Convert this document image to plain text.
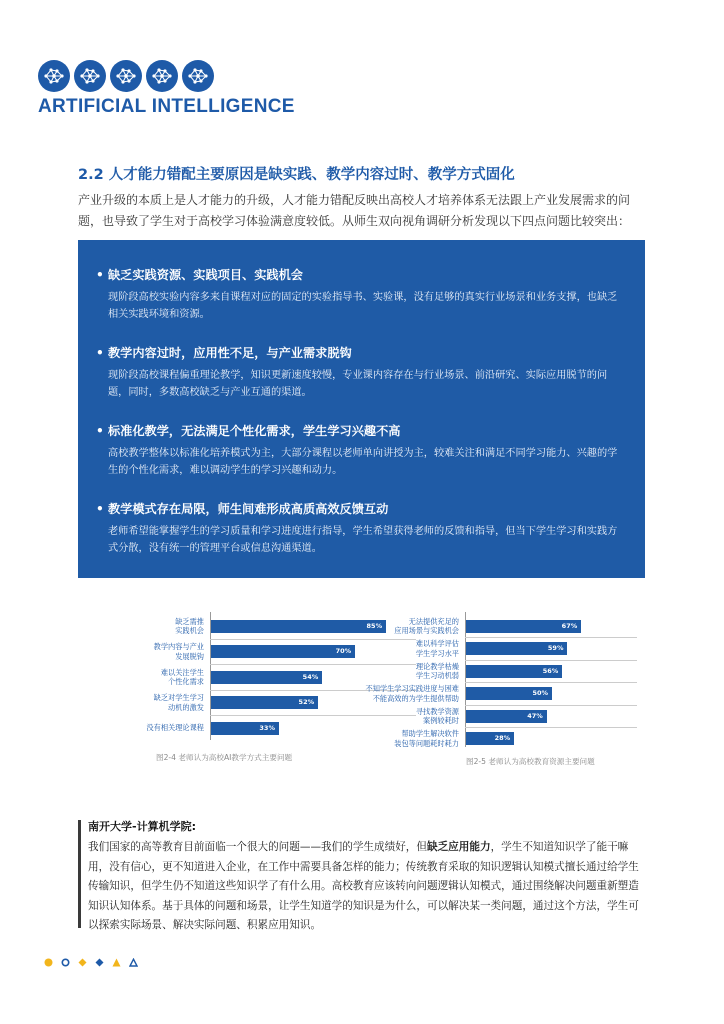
ARTIFICIAL INTELLIGENCE
2.2 人才能力错配主要原因是缺实践、教学内容过时、教学方式固化
产业升级的本质上是人才能力的升级，人才能力错配反映出高校人才培养体系无法跟上产业发展需求的问题，也导致了学生对于高校学习体验满意度较低。从师生双向视角调研分析发现以下四点问题比较突出：
• 缺乏实践资源、实践项目、实践机会
现阶段高校实验内容多来自课程对应的固定的实验指导书、实验课，没有足够的真实行业场景和业务支撑，也缺乏相关实践环境和资源。
• 教学内容过时，应用性不足，与产业需求脱钩
现阶段高校课程偏重理论教学，知识更新速度较慢，专业课内容存在与行业场景、前沿研究、实际应用脱节的问题，同时，多数高校缺乏与产业互通的渠道。
• 标准化教学，无法满足个性化需求，学生学习兴趣不高
高校教学整体以标准化培养模式为主，大部分课程以老师单向讲授为主，较难关注和满足不同学习能力、兴趣的学生的个性化需求，难以调动学生的学习兴趣和动力。
• 教学模式存在局限，师生间难形成高质高效反馈互动
老师希望能掌握学生的学习质量和学习进度进行指导，学生希望获得老师的反馈和指导，但当下学生学习和实践方式分散，没有统一的管理平台或信息沟通渠道。
缺乏需推
实践机会
85%
教学内容与产业
发展脱钩
70%
难以关注学生
个性化需求
54%
缺乏对学生学习
动机的激发
52%
没有相关理论课程	33%
无法提供充足的
应用场景与实践机会
67%
难以科学评估
学生学习水平
59%
理论教学枯燥
学生习动机弱
56%
不知学生学习实践进度与困难
不能高效的为学生提供帮助
50%
寻找教学资源
案例较耗时
47%
帮助学生解决软件
装包等问题耗时耗力
28%
图2-4 老师认为高校AI教学方式主要问题	图2-5 老师认为高校教育资源主要问题
南开大学-计算机学院:
我们国家的高等教育目前面临一个很大的问题——我们的学生成绩好，但缺乏应用能力，学生不知道知识学了能干嘛用，没有信心，更不知道进入企业，在工作中需要具备怎样的能力；传统教育采取的知识逻辑认知模式擅长通过给学生传输知识，但学生仍不知道这些知识学了有什么用。高校教育应该转向问题逻辑认知模式，通过围绕解决问题重新塑造知识认知体系。基于具体的问题和场景，让学生知道学的知识是为什么，可以解决某一类问题，通过这个方法，学生可以探索实际场景、解决实际问题、积累应用知识。
